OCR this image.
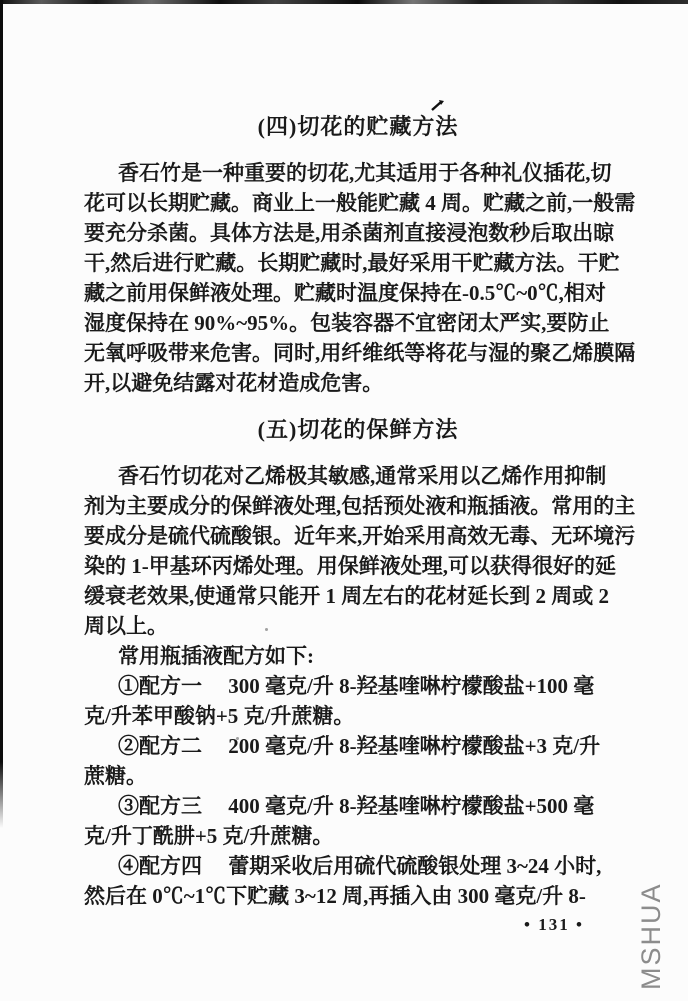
(四)切花的贮藏方法
香石竹是一种重要的切花,尤其适用于各种礼仪插花,切
花可以长期贮藏。商业上一般能贮藏 4 周。贮藏之前,一般需
要充分杀菌。具体方法是,用杀菌剂直接浸泡数秒后取出晾
干,然后进行贮藏。长期贮藏时,最好采用干贮藏方法。干贮
藏之前用保鲜液处理。贮藏时温度保持在-0.5℃~0℃,相对
湿度保持在 90%~95%。包装容器不宜密闭太严实,要防止
无氧呼吸带来危害。同时,用纤维纸等将花与湿的聚乙烯膜隔
开,以避免结露对花材造成危害。
(五)切花的保鲜方法
香石竹切花对乙烯极其敏感,通常采用以乙烯作用抑制
剂为主要成分的保鲜液处理,包括预处液和瓶插液。常用的主
要成分是硫代硫酸银。近年来,开始采用高效无毒、无环境污
染的 1-甲基环丙烯处理。用保鲜液处理,可以获得很好的延
缓衰老效果,使通常只能开 1 周左右的花材延长到 2 周或 2
周以上。
常用瓶插液配方如下:
①配方一　 300 毫克/升 8-羟基喹啉柠檬酸盐+100 毫
克/升苯甲酸钠+5 克/升蔗糖。
②配方二　 200 毫克/升 8-羟基喹啉柠檬酸盐+3 克/升
蔗糖。
③配方三　 400 毫克/升 8-羟基喹啉柠檬酸盐+500 毫
克/升丁酰肼+5 克/升蔗糖。
④配方四　 蕾期采收后用硫代硫酸银处理 3~24 小时,
然后在 0℃~1℃下贮藏 3~12 周,再插入由 300 毫克/升 8-
• 131 • MSHUA
